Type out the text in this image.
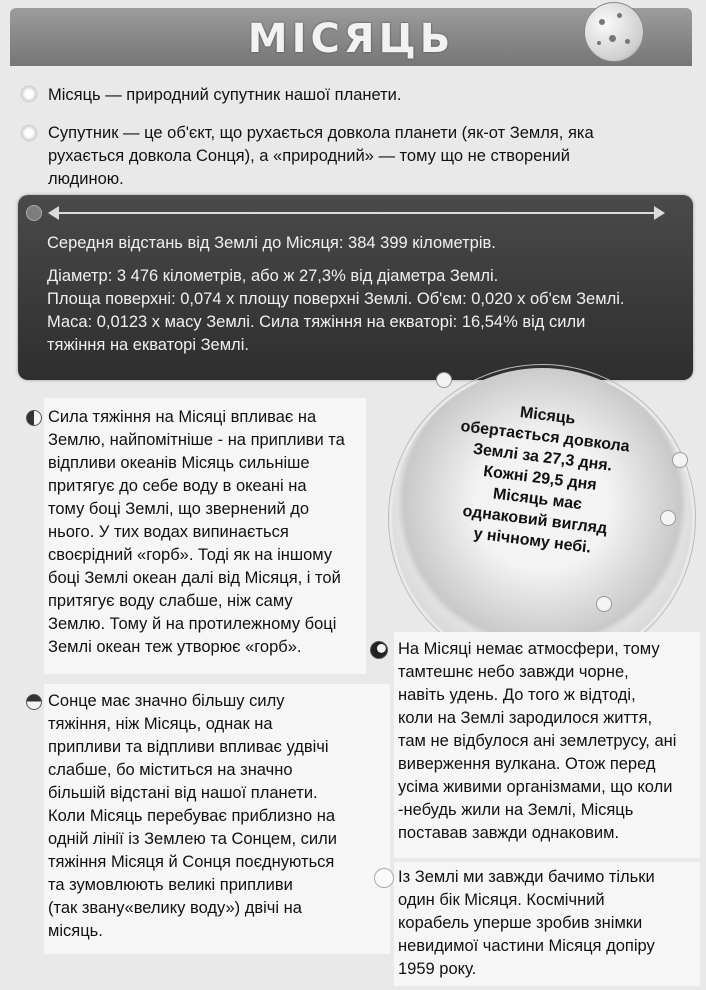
МІСЯЦЬ
Місяць — природний супутник нашої планети.
Супутник — це об'єкт, що рухається довкола планети (як-от Земля, яка
рухається довкола Сонця), а «природний» — тому що не створений
людиною.
Середня відстань від Землі до Місяця: 384 399 кілометрів.
Діаметр: 3 476 кілометрів, або ж 27,3% від діаметра Землі.
Площа поверхні: 0,074 x площу поверхні Землі. Об'єм: 0,020 x об'єм Землі.
Маса: 0,0123 x масу Землі. Сила тяжіння на екваторі: 16,54% від сили
тяжіння на екваторі Землі.
Місяць
обертається довкола
Землі за 27,3 дня.
Кожні 29,5 дня
Місяць має
однаковий вигляд
у нічному небі.
Сила тяжіння на Місяці впливає на
Землю, найпомітніше - на припливи та
відпливи океанів Місяць сильніше
притягує до себе воду в океані на
тому боці Землі, що звернений до
нього. У тих водах випинається
своєрідний «горб». Тоді як на іншому
боці Землі океан далі від Місяця, і той
притягує воду слабше, ніж саму
Землю. Тому й на протилежному боці
Землі океан теж утворює «горб».
Сонце має значно більшу силу
тяжіння, ніж Місяць, однак на
припливи та відпливи впливає удвічі
слабше, бо міститься на значно
більшій відстані від нашої планети.
Коли Місяць перебуває приблизно на
одній лінії із Землею та Сонцем, сили
тяжіння Місяця й Сонця поєднуються
та зумовлюють великі припливи
(так звану«велику воду») двічі на
місяць.
На Місяці немає атмосфери, тому
тамтешнє небо завжди чорне,
навіть удень. До того ж відтоді,
коли на Землі зародилося життя,
там не відбулося ані землетрусу, ані
виверження вулкана. Отож перед
усіма живими організмами, що коли
-небудь жили на Землі, Місяць
поставав завжди однаковим.
Із Землі ми завжди бачимо тільки
один бік Місяця. Космічний
корабель уперше зробив знімки
невидимої частини Місяця допіру
1959 року.
